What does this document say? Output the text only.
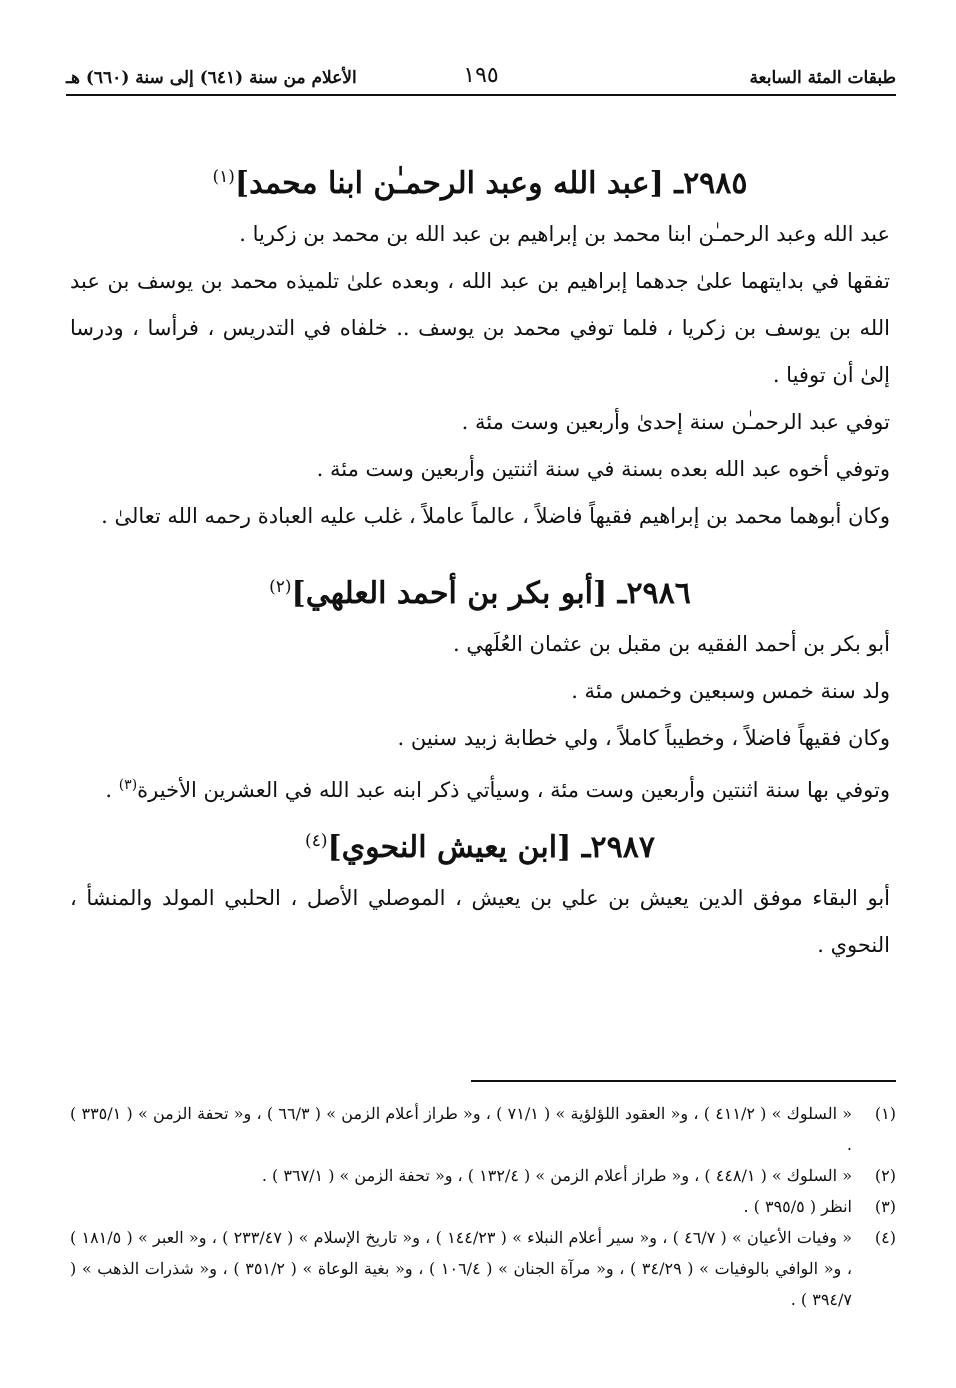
طبقات المئة السابعة
١٩٥
الأعلام من سنة (٦٤١) إلى سنة (٦٦٠) هـ
٢٩٨٥ـ [عبد الله وعبد الرحمـٰن ابنا محمد]$^{(١)}$

عبد الله وعبد الرحمـٰن ابنا محمد بن إبراهيم بن عبد الله بن محمد بن زكريا .

تفقها في بدايتهما علىٰ جدهما إبراهيم بن عبد الله ، وبعده علىٰ تلميذه محمد بن يوسف بن عبد الله بن يوسف بن زكريا ، فلما توفي محمد بن يوسف .. خلفاه في التدريس ، فرأسا ، ودرسا إلىٰ أن توفيا .

توفي عبد الرحمـٰن سنة إحدىٰ وأربعين وست مئة .

وتوفي أخوه عبد الله بعده بسنة في سنة اثنتين وأربعين وست مئة .

وكان أبوهما محمد بن إبراهيم فقيهاً فاضلاً ، عالماً عاملاً ، غلب عليه العبادة رحمه الله تعالىٰ .

٢٩٨٦ـ [أبو بكر بن أحمد العلهي]$^{(٢)}$

أبو بكر بن أحمد الفقيه بن مقبل بن عثمان العُلَهي .

ولد سنة خمس وسبعين وخمس مئة .

وكان فقيهاً فاضلاً ، وخطيباً كاملاً ، ولي خطابة زبيد سنين .

وتوفي بها سنة اثنتين وأربعين وست مئة ، وسيأتي ذكر ابنه عبد الله في العشرين الأخيرة$^{(٣)}$ .

٢٩٨٧ـ [ابن يعيش النحوي]$^{(٤)}$

أبو البقاء موفق الدين يعيش بن علي بن يعيش ، الموصلي الأصل ، الحلبي المولد والمنشأ ، النحوي .

(١)
« السلوك » ( ٤١١/٢ ) ، و« العقود اللؤلؤية » ( ٧١/١ ) ، و« طراز أعلام الزمن » ( ٦٦/٣ ) ، و« تحفة الزمن » ( ٣٣٥/١ ) .
(٢)
« السلوك » ( ٤٤٨/١ ) ، و« طراز أعلام الزمن » ( ١٣٢/٤ ) ، و« تحفة الزمن » ( ٣٦٧/١ ) .
(٣)
انظر ( ٣٩٥/٥ ) .
(٤)
« وفيات الأعيان » ( ٤٦/٧ ) ، و« سير أعلام النبلاء » ( ١٤٤/٢٣ ) ، و« تاريخ الإسلام » ( ٢٣٣/٤٧ ) ، و« العبر » ( ١٨١/٥ ) ، و« الوافي بالوفيات » ( ٣٤/٢٩ ) ، و« مرآة الجنان » ( ١٠٦/٤ ) ، و« بغية الوعاة » ( ٣٥١/٢ ) ، و« شذرات الذهب » ( ٣٩٤/٧ ) .
